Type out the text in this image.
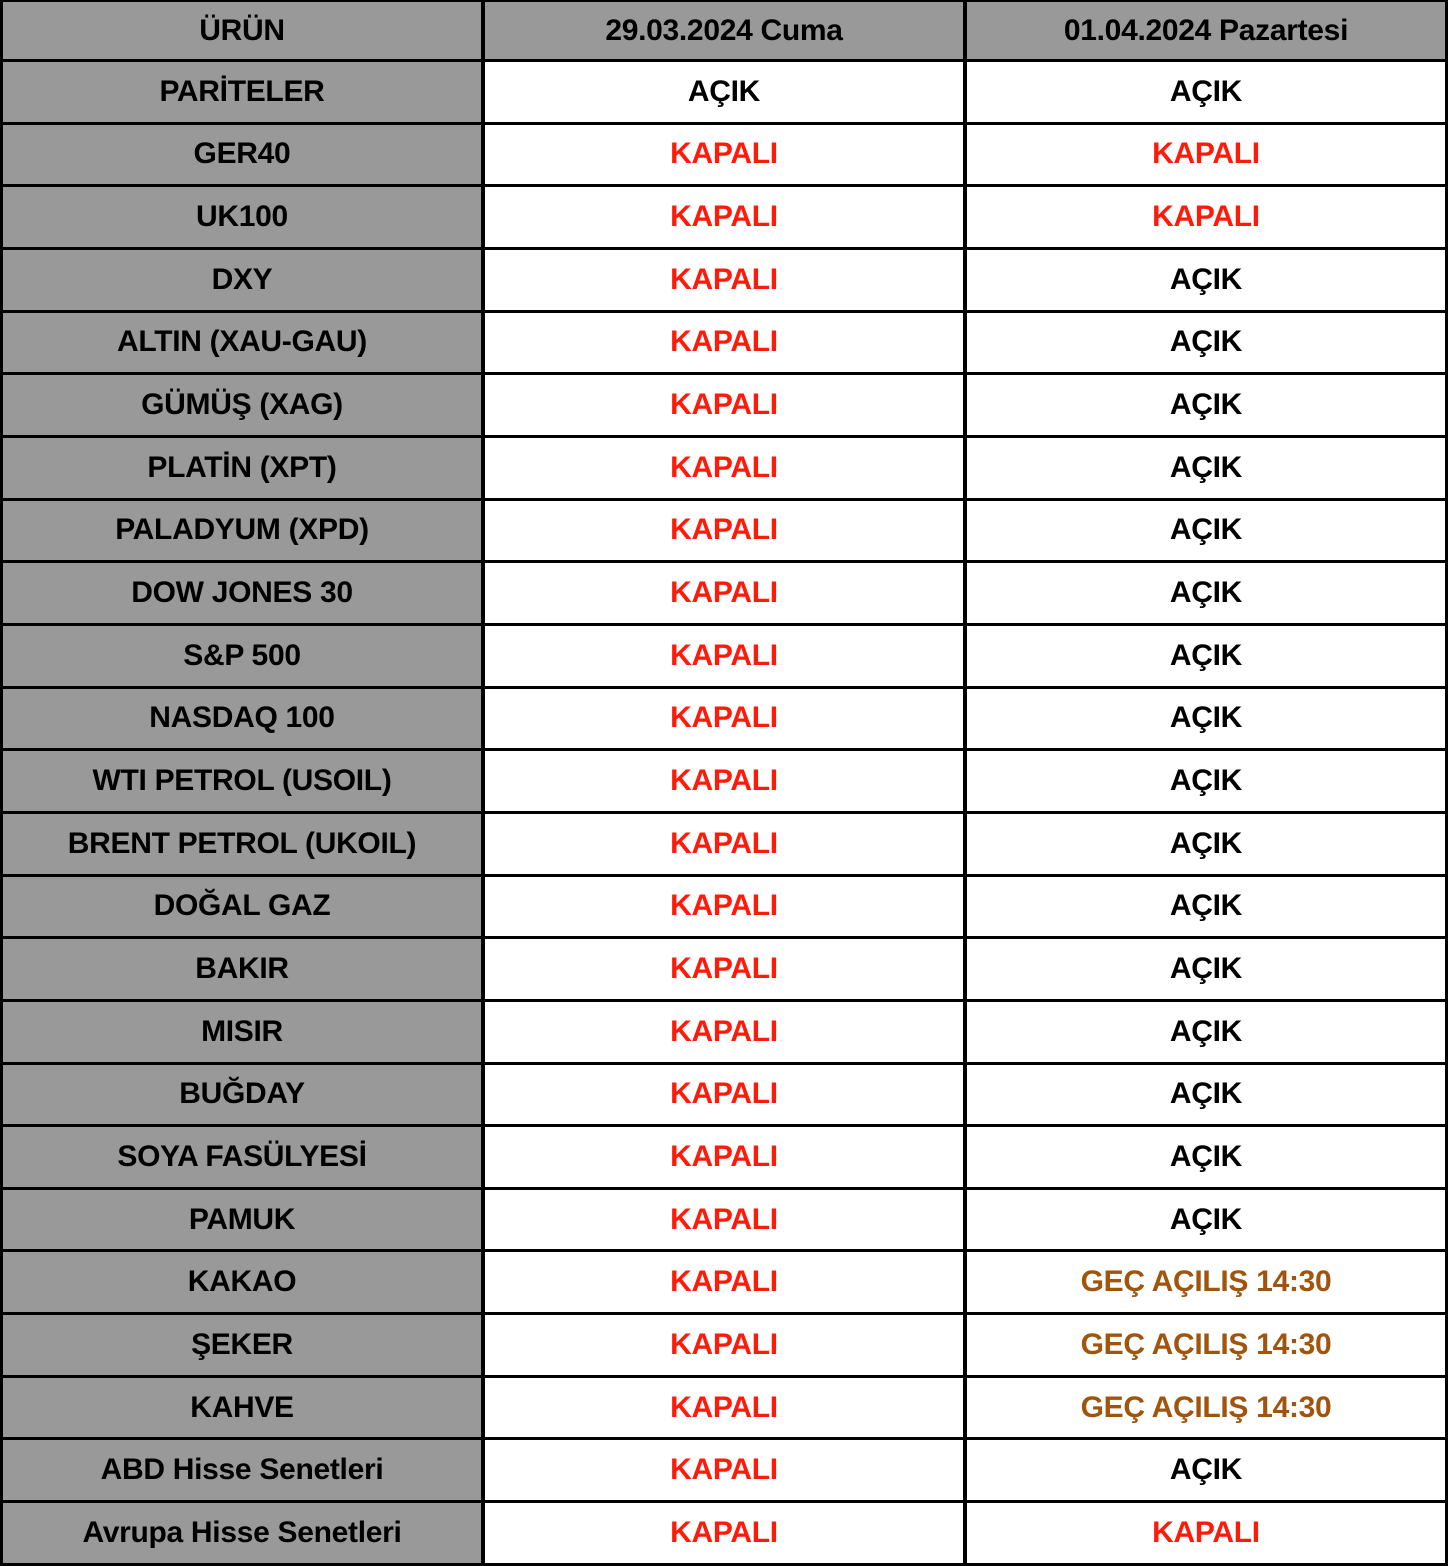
ÜRÜN	29.03.2024 Cuma	01.04.2024 Pazartesi
PARİTELER	AÇIK	AÇIK
GER40	KAPALI	KAPALI
UK100	KAPALI	KAPALI
DXY	KAPALI	AÇIK
ALTIN (XAU-GAU)	KAPALI	AÇIK
GÜMÜŞ (XAG)	KAPALI	AÇIK
PLATİN (XPT)	KAPALI	AÇIK
PALADYUM (XPD)	KAPALI	AÇIK
DOW JONES 30	KAPALI	AÇIK
S&P 500	KAPALI	AÇIK
NASDAQ 100	KAPALI	AÇIK
WTI PETROL (USOIL)	KAPALI	AÇIK
BRENT PETROL (UKOIL)	KAPALI	AÇIK
DOĞAL GAZ	KAPALI	AÇIK
BAKIR	KAPALI	AÇIK
MISIR	KAPALI	AÇIK
BUĞDAY	KAPALI	AÇIK
SOYA FASÜLYESİ	KAPALI	AÇIK
PAMUK	KAPALI	AÇIK
KAKAO	KAPALI	GEÇ AÇILIŞ 14:30
ŞEKER	KAPALI	GEÇ AÇILIŞ 14:30
KAHVE	KAPALI	GEÇ AÇILIŞ 14:30
ABD Hisse Senetleri	KAPALI	AÇIK
Avrupa Hisse Senetleri	KAPALI	KAPALI
